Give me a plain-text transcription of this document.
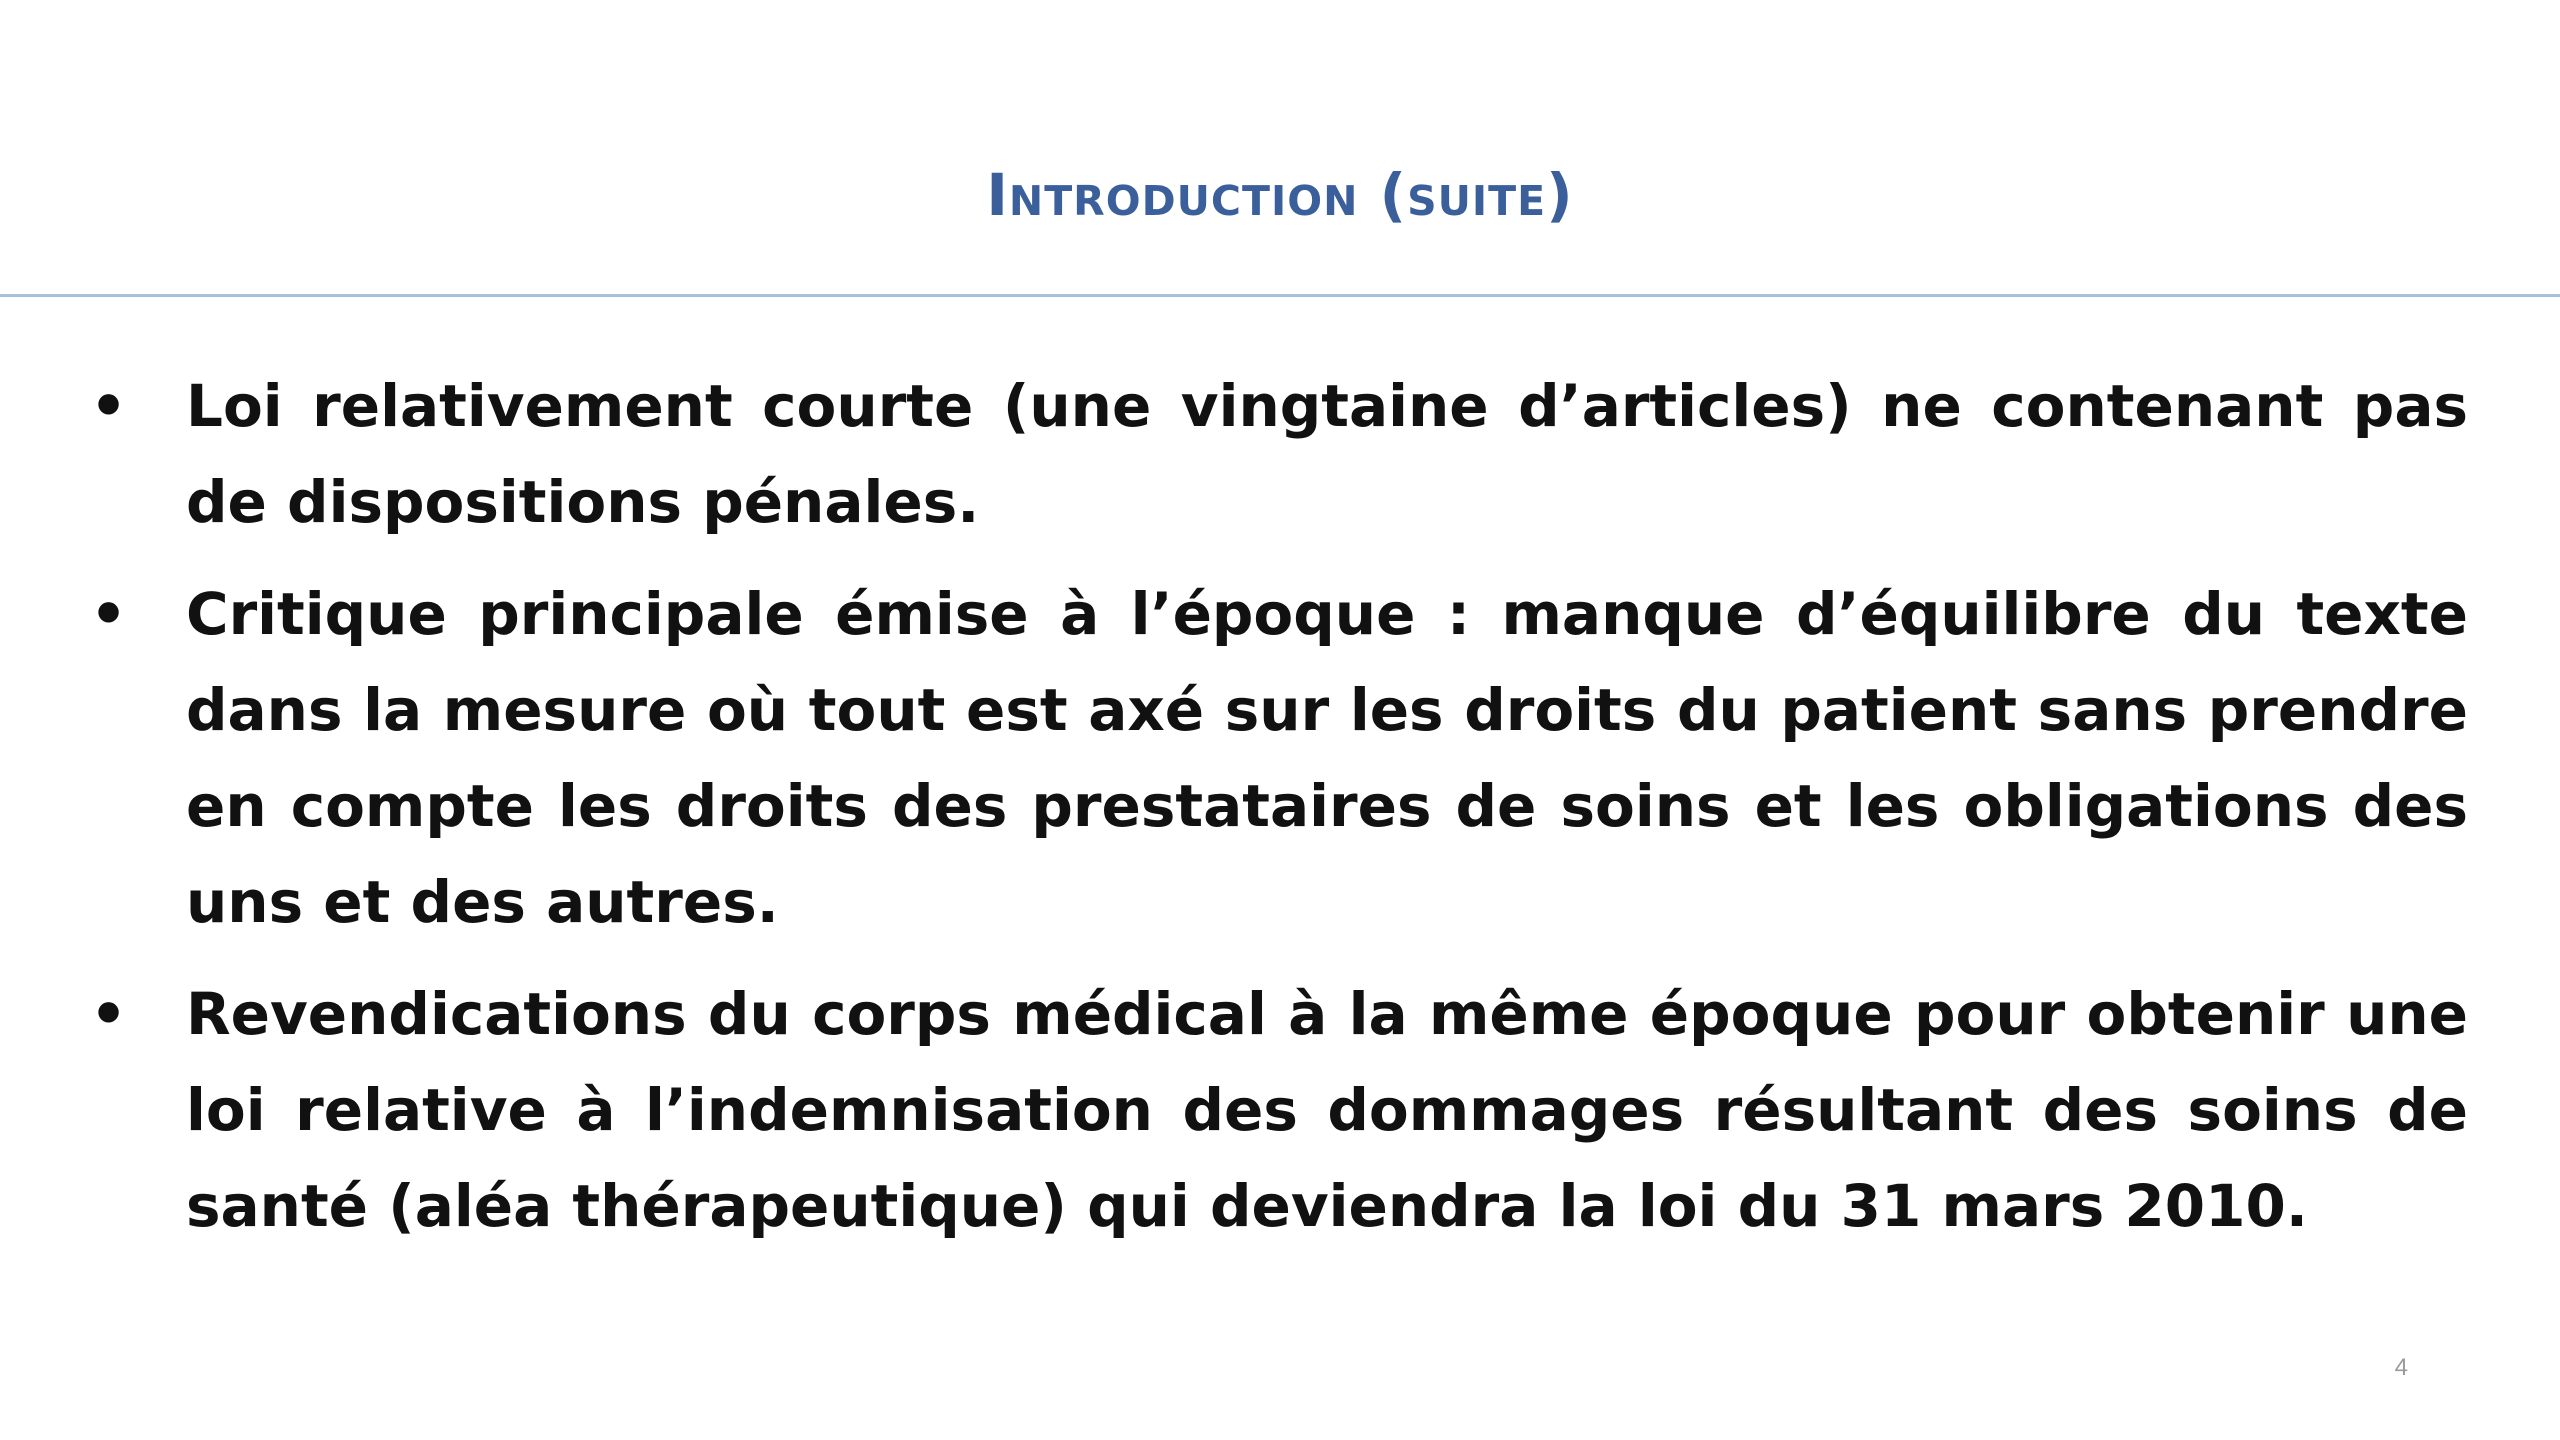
Introduction (suite)
• Loi relativement courte (une vingtaine d’articles) ne contenant pas de dispositions pénales.
• Critique principale émise à l’époque : manque d’équilibre du texte dans la mesure où tout est axé sur les droits du patient sans prendre en compte les droits des prestataires de soins et les obligations des uns et des autres.
• Revendications du corps médical à la même époque pour obtenir une loi relative à l’indemnisation des dommages résultant des soins de santé (aléa thérapeutique) qui deviendra la loi du 31 mars 2010.
4
